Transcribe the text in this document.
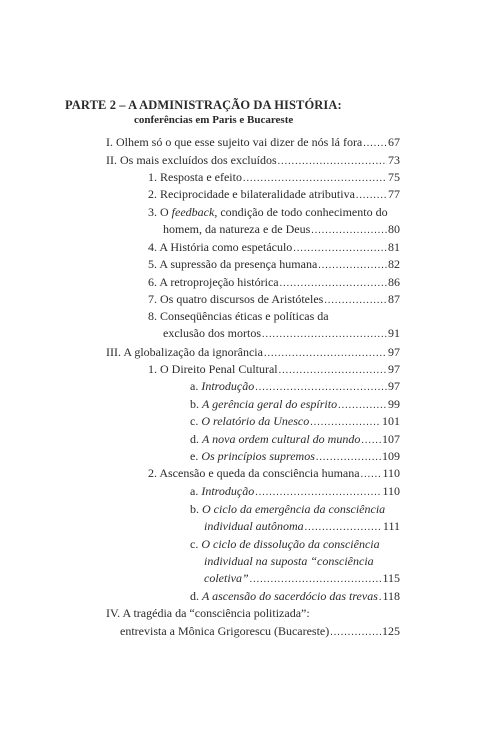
PARTE 2 – A ADMINISTRAÇÃO DA HISTÓRIA:
conferências em Paris e Bucareste
I. Olhem só o que esse sujeito vai dizer de nós lá fora ..... 67
II. Os mais excluídos dos excluídos .....	73
1. Resposta e efeito .....	75
2. Reciprocidade e bilateralidade atributiva .....	77
3. O feedback, condição de todo conhecimento do
homem, da natureza e de Deus .....	80
4. A História como espetáculo .....	81
5. A supressão da presença humana .....	82
6. A retroprojeção histórica .....	86
7. Os quatro discursos de Aristóteles .....	87
8. Conseqüências éticas e políticas da
exclusão dos mortos .....	91
III. A globalização da ignorância .....	97
1. O Direito Penal Cultural .....	97
a. Introdução .....	97
b. A gerência geral do espírito .....	99
c. O relatório da Unesco .....	101
d. A nova ordem cultural do mundo ..... 107
e. Os princípios supremos .....	109
2. Ascensão e queda da consciência humana ..... 110
a. Introdução .....	110
b. O ciclo da emergência da consciência
individual autônoma .....	111
c. O ciclo de dissolução da consciência
individual na suposta “consciência
coletiva” .....	115
d. A ascensão do sacerdócio das trevas ..... 118
IV. A tragédia da “consciência politizada”:
entrevista a Mônica Grigorescu (Bucareste) .....	125
